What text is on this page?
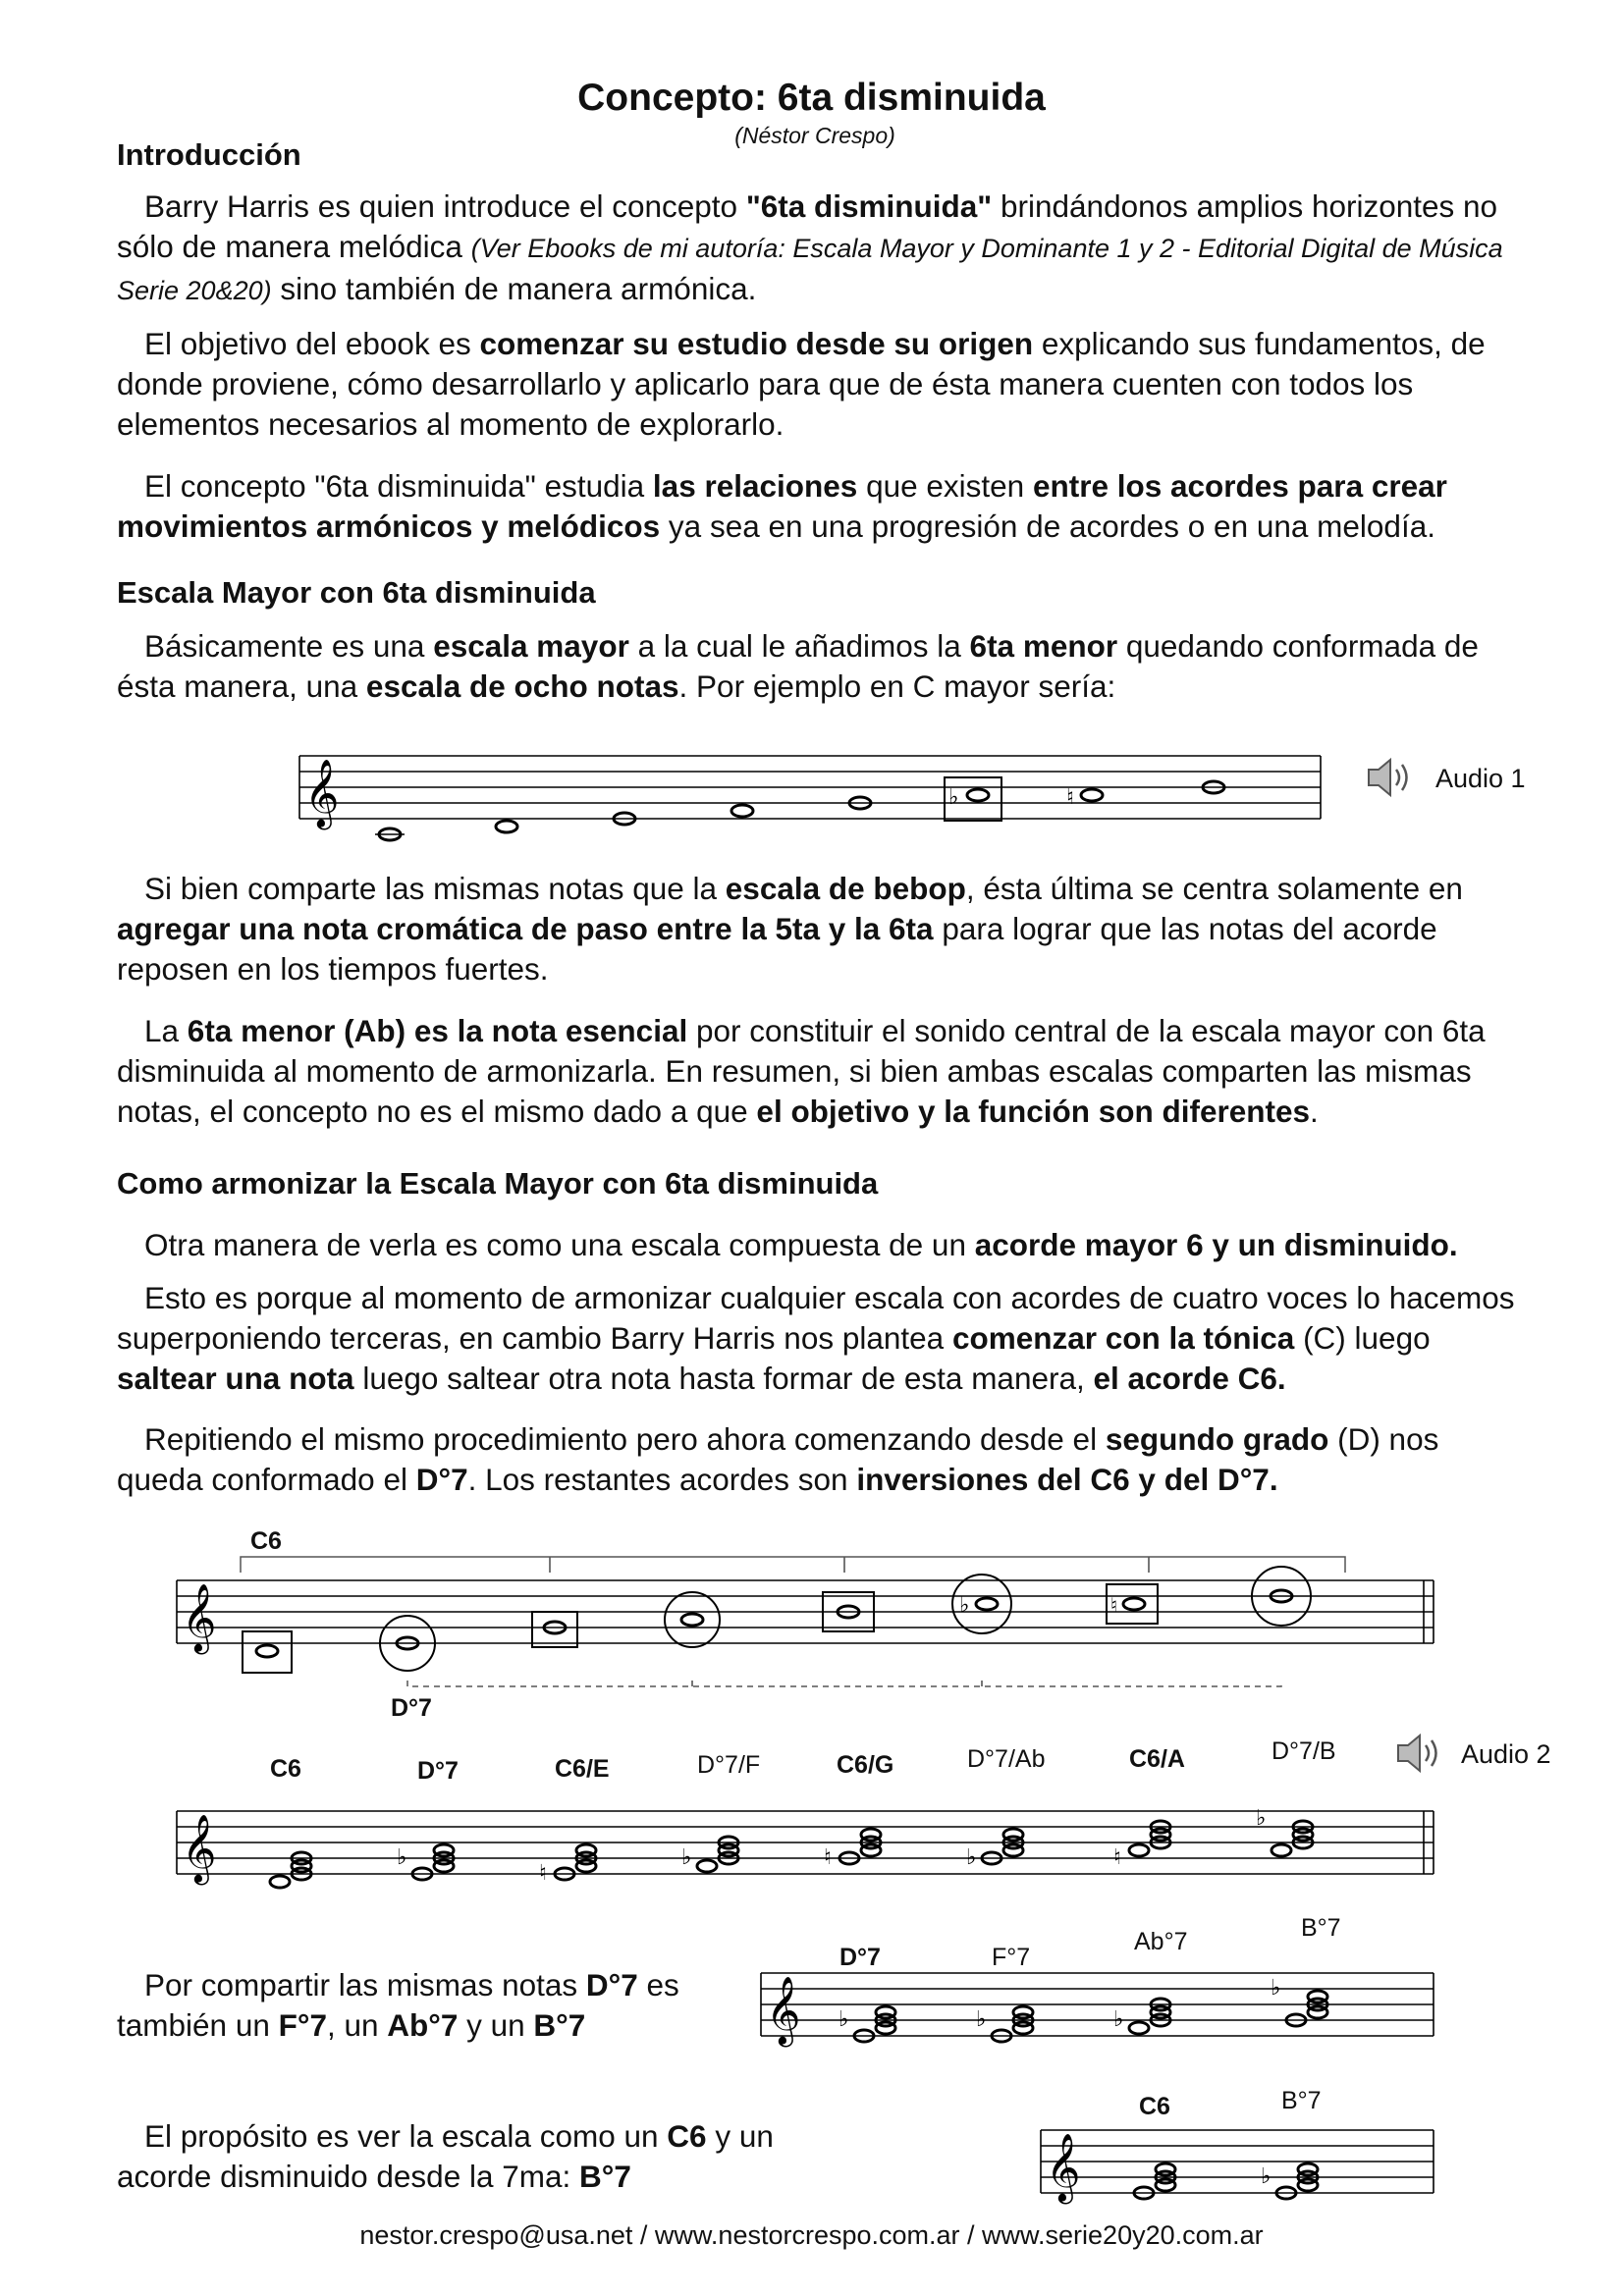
Concepto: 6ta disminuida
(Néstor Crespo)
Introducción
Barry Harris es quien introduce el concepto "6ta disminuida" brindándonos amplios horizontes no sólo de manera melódica (Ver Ebooks de mi autoría: Escala Mayor y Dominante 1 y 2 - Editorial Digital de Música Serie 20&20) sino también de manera armónica.
El objetivo del ebook es comenzar su estudio desde su origen explicando sus fundamentos, de donde proviene, cómo desarrollarlo y aplicarlo para que de ésta manera cuenten con todos los elementos necesarios al momento de explorarlo.
El concepto "6ta disminuida" estudia las relaciones que existen entre los acordes para crear movimientos armónicos y melódicos ya sea en una progresión de acordes o en una melodía.
Escala Mayor con 6ta disminuida
Básicamente es una escala mayor a la cual le añadimos la 6ta menor quedando conformada de ésta manera, una escala de ocho notas. Por ejemplo en C mayor sería:
𝄞	♭	♮
Audio 1
Si bien comparte las mismas notas que la escala de bebop, ésta última se centra solamente en agregar una nota cromática de paso entre la 5ta y la 6ta para lograr que las notas del acorde reposen en los tiempos fuertes.
La 6ta menor (Ab) es la nota esencial por constituir el sonido central de la escala mayor con 6ta disminuida al momento de armonizarla. En resumen, si bien ambas escalas comparten las mismas notas, el concepto no es el mismo dado a que el objetivo y la función son diferentes.
Como armonizar la Escala Mayor con 6ta disminuida
Otra manera de verla es como una escala compuesta de un acorde mayor 6 y un disminuido.
Esto es porque al momento de armonizar cualquier escala con acordes de cuatro voces lo hacemos superponiendo terceras, en cambio Barry Harris nos plantea comenzar con la tónica (C) luego saltear una nota luego saltear otra nota hasta formar de esta manera, el acorde C6.
Repitiendo el mismo procedimiento pero ahora comenzando desde el segundo grado (D) nos queda conformado el D°7. Los restantes acordes son inversiones del C6 y del D°7.
C6
D°7
𝄞	♭	♮
C6	D°7	C6/E	D°7/F	C6/G	D°7/Ab	C6/A	D°7/B	Audio 2
𝄞	♭
♮
♭	♮	♭	♮
♭
Por compartir las mismas notas D°7 es también un F°7, un Ab°7 y un B°7
D°7	F°7
Ab°7	B°7
𝄞 ♭	♭	♭
♭
El propósito es ver la escala como un C6 y un acorde disminuido desde la 7ma: B°7
C6	B°7
𝄞	♭
nestor.crespo@usa.net / www.nestorcrespo.com.ar / www.serie20y20.com.ar
